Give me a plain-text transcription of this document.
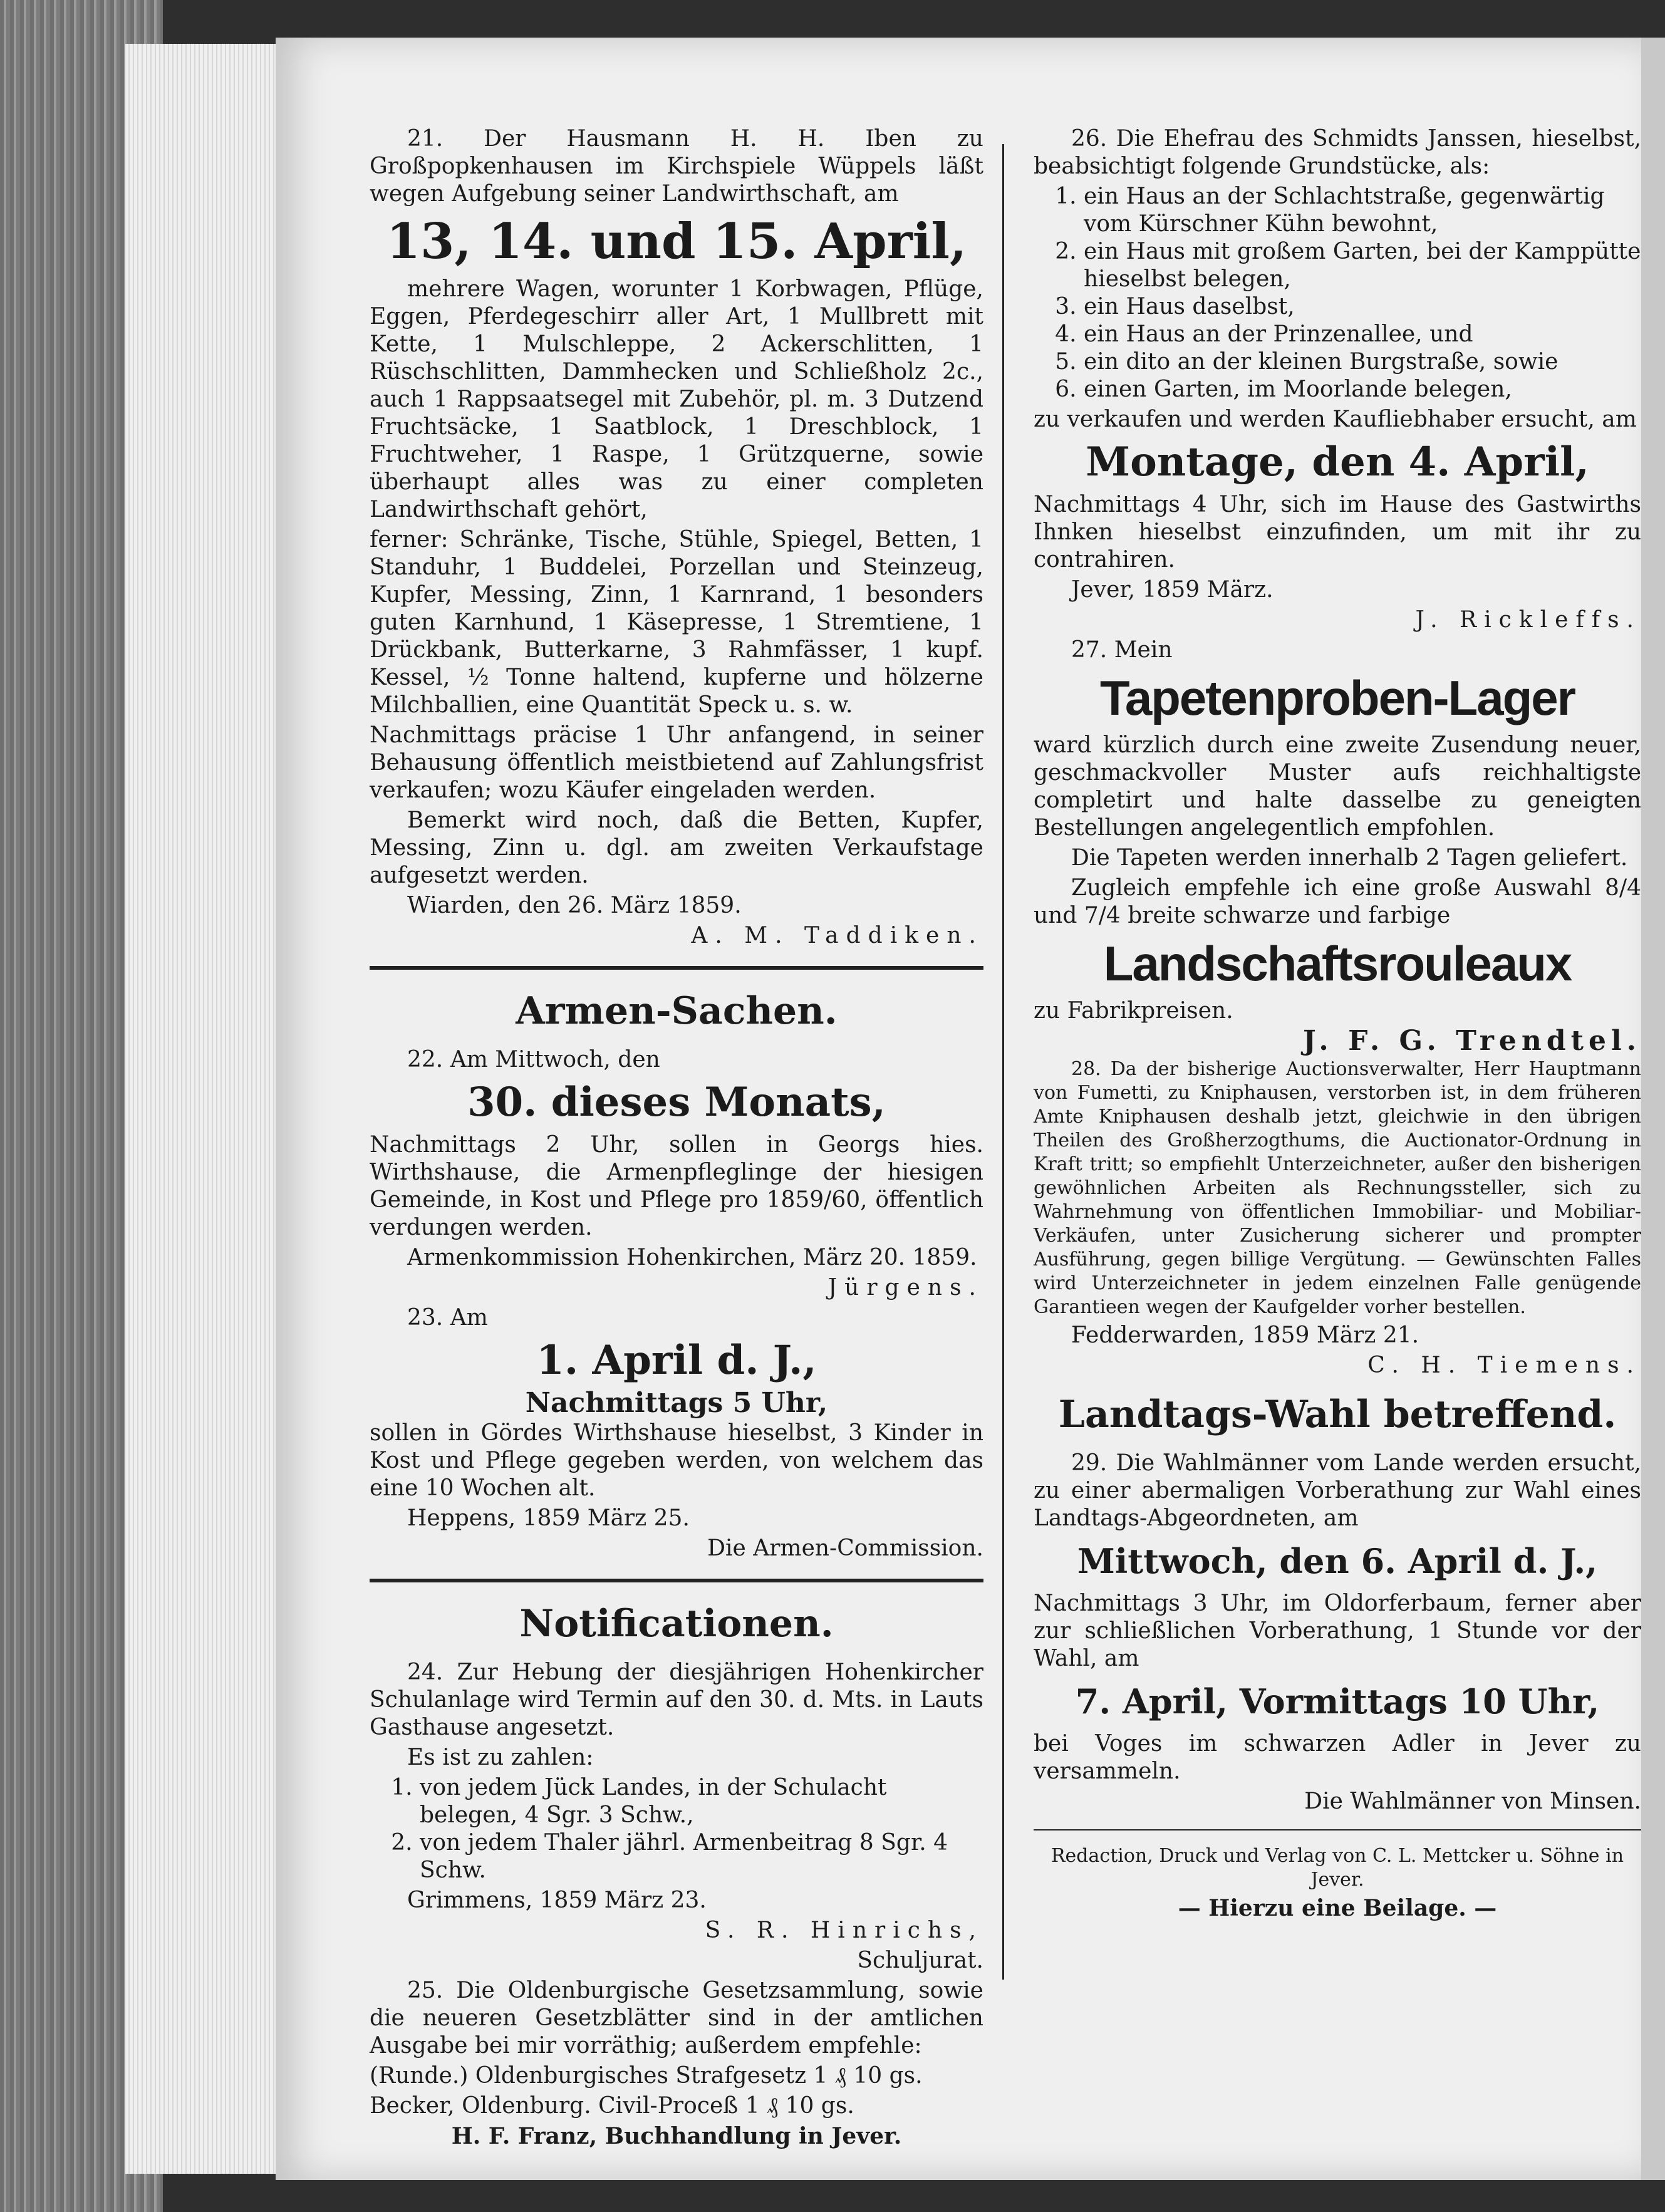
21. Der Hausmann H. H. Iben zu Großpopkenhausen im Kirchspiele Wüppels läßt wegen Aufgebung seiner Landwirthschaft, am

13, 14. und 15. April,

mehrere Wagen, worunter 1 Korbwagen, Pflüge, Eggen, Pferdegeschirr aller Art, 1 Mullbrett mit Kette, 1 Mulschleppe, 2 Ackerschlitten, 1 Rüschschlitten, Dammhecken und Schließholz 2c., auch 1 Rappsaatsegel mit Zubehör, pl. m. 3 Dutzend Fruchtsäcke, 1 Saatblock, 1 Dreschblock, 1 Fruchtweher, 1 Raspe, 1 Grützquerne, sowie überhaupt alles was zu einer completen Landwirthschaft gehört,

ferner: Schränke, Tische, Stühle, Spiegel, Betten, 1 Standuhr, 1 Buddelei, Porzellan und Steinzeug, Kupfer, Messing, Zinn, 1 Karnrand, 1 besonders guten Karnhund, 1 Käsepresse, 1 Stremtiene, 1 Drückbank, Butterkarne, 3 Rahmfässer, 1 kupf. Kessel, ½ Tonne haltend, kupferne und hölzerne Milchballien, eine Quantität Speck u. s. w.

Nachmittags präcise 1 Uhr anfangend, in seiner Behausung öffentlich meistbietend auf Zahlungsfrist verkaufen; wozu Käufer eingeladen werden.

Bemerkt wird noch, daß die Betten, Kupfer, Messing, Zinn u. dgl. am zweiten Verkaufstage aufgesetzt werden.

Wiarden, den 26. März 1859.

A. M. Taddiken.

Armen-Sachen.

22. Am Mittwoch, den

30. dieses Monats,

Nachmittags 2 Uhr, sollen in Georgs hies. Wirthshause, die Armenpfleglinge der hiesigen Gemeinde, in Kost und Pflege pro 1859/60, öffentlich verdungen werden.

Armenkommission Hohenkirchen, März 20. 1859.

Jürgens.

23. Am

1. April d. J.,

Nachmittags 5 Uhr,

sollen in Gördes Wirthshause hieselbst, 3 Kinder in Kost und Pflege gegeben werden, von welchem das eine 10 Wochen alt.

Heppens, 1859 März 25.

Die Armen-Commission.

Notificationen.

24. Zur Hebung der diesjährigen Hohenkircher Schulanlage wird Termin auf den 30. d. Mts. in Lauts Gasthause angesetzt.

Es ist zu zahlen:

1. von jedem Jück Landes, in der Schulacht belegen, 4 Sgr. 3 Schw.,
2. von jedem Thaler jährl. Armenbeitrag 8 Sgr. 4 Schw.

Grimmens, 1859 März 23.

S. R. Hinrichs,

Schuljurat.

25. Die Oldenburgische Gesetzsammlung, sowie die neueren Gesetzblätter sind in der amtlichen Ausgabe bei mir vorräthig; außerdem empfehle:

(Runde.) Oldenburgisches Strafgesetz 1 ₰ 10 gs.

Becker, Oldenburg. Civil-Proceß 1 ₰ 10 gs.

H. F. Franz, Buchhandlung in Jever.

26. Die Ehefrau des Schmidts Janssen, hieselbst, beabsichtigt folgende Grundstücke, als:

1. ein Haus an der Schlachtstraße, gegenwärtig vom Kürschner Kühn bewohnt,
2. ein Haus mit großem Garten, bei der Kamppütte hieselbst belegen,
3. ein Haus daselbst,
4. ein Haus an der Prinzenallee, und
5. ein dito an der kleinen Burgstraße, sowie
6. einen Garten, im Moorlande belegen,

zu verkaufen und werden Kaufliebhaber ersucht, am

Montage, den 4. April,

Nachmittags 4 Uhr, sich im Hause des Gastwirths Ihnken hieselbst einzufinden, um mit ihr zu contrahiren.

Jever, 1859 März.

J. Rickleffs.

27. Mein

Tapetenproben-Lager

ward kürzlich durch eine zweite Zusendung neuer, geschmackvoller Muster aufs reichhaltigste completirt und halte dasselbe zu geneigten Bestellungen angelegentlich empfohlen.

Die Tapeten werden innerhalb 2 Tagen geliefert.

Zugleich empfehle ich eine große Auswahl 8/4 und 7/4 breite schwarze und farbige

Landschaftsrouleaux

zu Fabrikpreisen.

J. F. G. Trendtel.

28. Da der bisherige Auctionsverwalter, Herr Hauptmann von Fumetti, zu Kniphausen, verstorben ist, in dem früheren Amte Kniphausen deshalb jetzt, gleichwie in den übrigen Theilen des Großherzogthums, die Auctionator-Ordnung in Kraft tritt; so empfiehlt Unterzeichneter, außer den bisherigen gewöhnlichen Arbeiten als Rechnungssteller, sich zu Wahrnehmung von öffentlichen Immobiliar- und Mobiliar-Verkäufen, unter Zusicherung sicherer und prompter Ausführung, gegen billige Vergütung. — Gewünschten Falles wird Unterzeichneter in jedem einzelnen Falle genügende Garantieen wegen der Kaufgelder vorher bestellen.

Fedderwarden, 1859 März 21.

C. H. Tiemens.

Landtags-Wahl betreffend.

29. Die Wahlmänner vom Lande werden ersucht, zu einer abermaligen Vorberathung zur Wahl eines Landtags-Abgeordneten, am

Mittwoch, den 6. April d. J.,

Nachmittags 3 Uhr, im Oldorferbaum, ferner aber zur schließlichen Vorberathung, 1 Stunde vor der Wahl, am

7. April, Vormittags 10 Uhr,

bei Voges im schwarzen Adler in Jever zu versammeln.

Die Wahlmänner von Minsen.

Redaction, Druck und Verlag von C. L. Mettcker u. Söhne in Jever.

— Hierzu eine Beilage. —
